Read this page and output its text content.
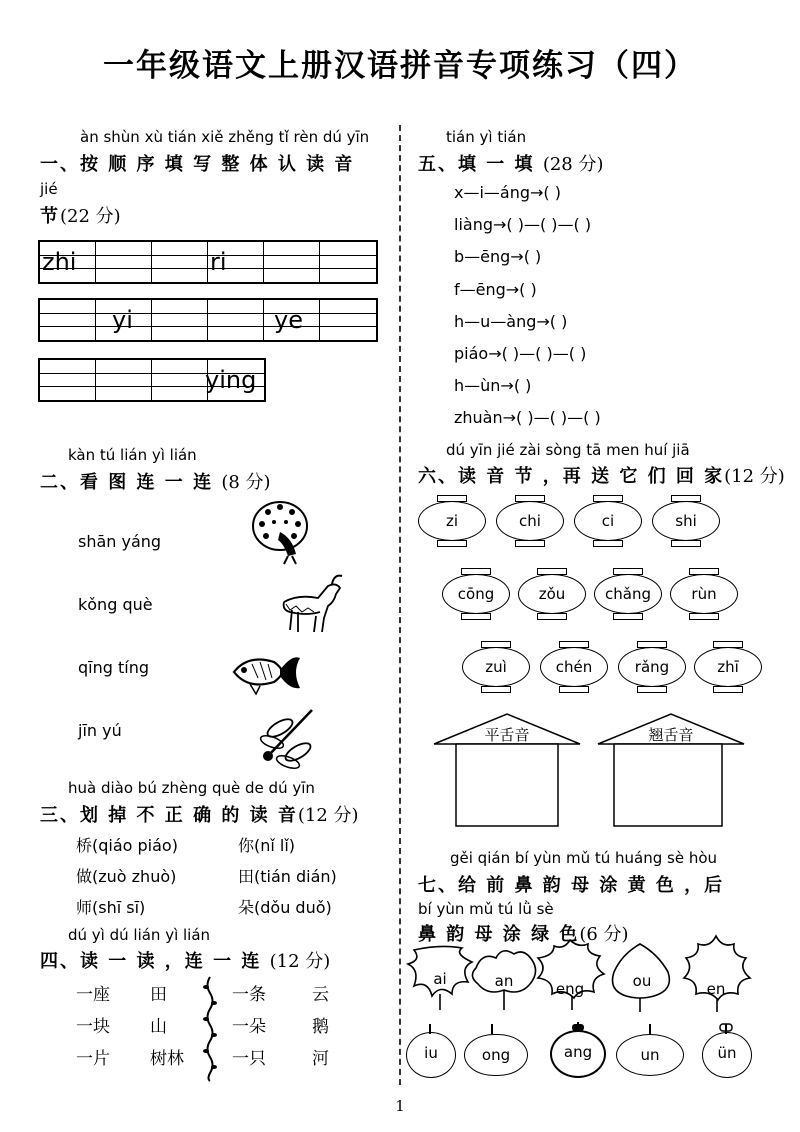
一年级语文上册汉语拼音专项练习（四）
àn shùn xù tián xiě zhěng tǐ rèn dú yīn
一、按 顺 序 填 写 整 体 认 读 音
jié
节(22 分)
zhi	ri
yi	ye
ying
kàn tú lián yì lián
二、看 图 连 一 连 (8 分)
shān yáng
kǒng què
qīng tíng
jīn yú
huà diào bú zhèng què de dú yīn
三、划 掉 不 正 确 的 读 音(12 分)
桥(qiáo piáo)	你(nǐ lǐ)
做(zuò zhuò)	田(tián dián)
师(shī sī)	朵(dǒu duǒ)
dú yì dú lián yì lián
四、读 一 读 ，连 一 连 (12 分)
一座 田
一块 山
一片 树林
一条	云
一朵	鹅
一只	河
tián yì tián
五、填 一 填 (28 分)
x—i—áng→( )
liàng→( )—( )—( )
b—ēng→( )
f—ēng→( )
h—u—àng→( )
piáo→( )—( )—( )
h—ùn→( )
zhuàn→( )—( )—( )
dú yīn jié zài sòng tā men huí jiā
六、读 音 节 ，再 送 它 们 回 家(12 分)
zi	chi	ci	shi
cōng	zǒu	chǎng	rùn
zuì	chén	rǎng	zhī
平舌音	翘舌音
gěi qián bí yùn mǔ tú huáng sè hòu
七、给 前 鼻 韵 母 涂 黄 色 ，后
bí yùn mǔ tú lǜ sè
鼻 韵 母 涂 绿 色(6 分)
ai	an	eng	ou	en
iu	ong	ang	un	ün
1
